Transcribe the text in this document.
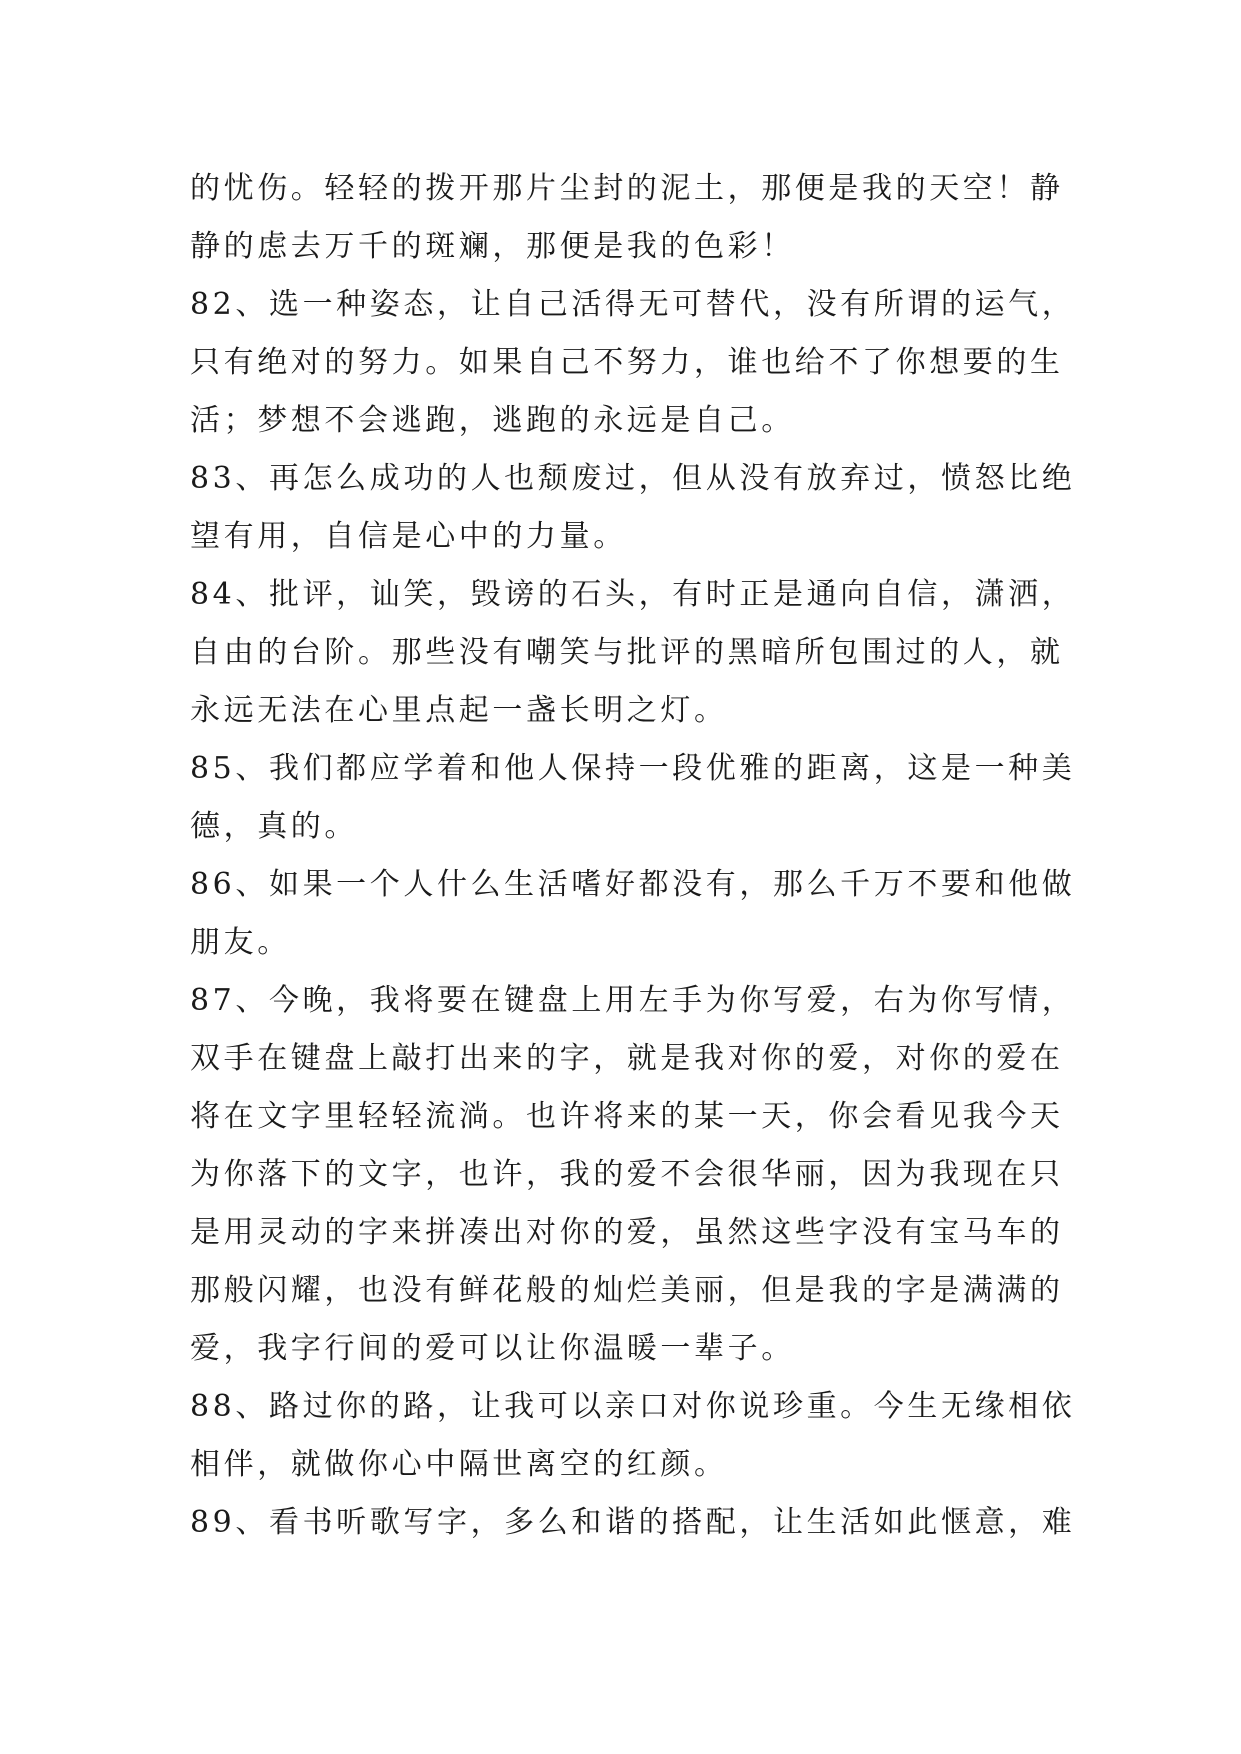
的忧伤。轻轻的拨开那片尘封的泥土，那便是我的天空！静
静的虑去万千的斑斓，那便是我的色彩！
82、选一种姿态，让自己活得无可替代，没有所谓的运气，
只有绝对的努力。如果自己不努力，谁也给不了你想要的生
活；梦想不会逃跑，逃跑的永远是自己。
83、再怎么成功的人也颓废过，但从没有放弃过，愤怒比绝
望有用，自信是心中的力量。
84、批评，讪笑，毁谤的石头，有时正是通向自信，潇洒，
自由的台阶。那些没有嘲笑与批评的黑暗所包围过的人，就
永远无法在心里点起一盏长明之灯。
85、我们都应学着和他人保持一段优雅的距离，这是一种美
德，真的。
86、如果一个人什么生活嗜好都没有，那么千万不要和他做
朋友。
87、今晚，我将要在键盘上用左手为你写爱，右为你写情，
双手在键盘上敲打出来的字，就是我对你的爱，对你的爱在
将在文字里轻轻流淌。也许将来的某一天，你会看见我今天
为你落下的文字，也许，我的爱不会很华丽，因为我现在只
是用灵动的字来拼凑出对你的爱，虽然这些字没有宝马车的
那般闪耀，也没有鲜花般的灿烂美丽，但是我的字是满满的
爱，我字行间的爱可以让你温暖一辈子。
88、路过你的路，让我可以亲口对你说珍重。今生无缘相依
相伴，就做你心中隔世离空的红颜。
89、看书听歌写字，多么和谐的搭配，让生活如此惬意，难
